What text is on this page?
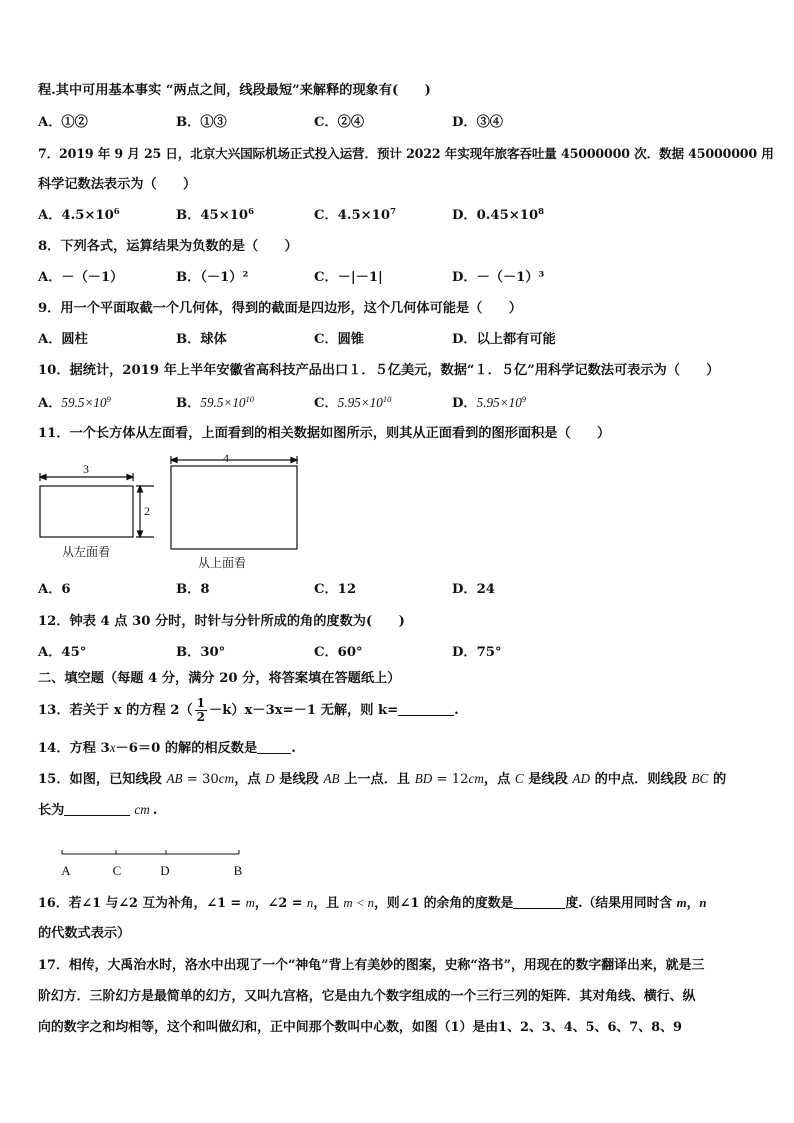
程.其中可用基本事实 “两点之间，线段最短”来解释的现象有(　　)
A．①②	B．①③	C．②④	D．③④
7．2019 年 9 月 25 日，北京大兴国际机场正式投入运营．预计 2022 年实现年旅客吞吐量 45000000 次．数据 45000000 用
科学记数法表示为（　　）
A．$4.5\times 10^6$	B．$45\times 10^6$	C．$4.5\times 10^7$	D．$0.45\times 10^8$
8．下列各式，运算结果为负数的是（　　）
A．－（－1）	B．（－1）²	C．－|－1|	D．－（－1）³
9．用一个平面取截一个几何体，得到的截面是四边形，这个几何体可能是（　　）
A．圆柱	B．球体	C．圆锥	D．以上都有可能
10．据统计，2019 年上半年安徽省高科技产品出口１．５亿美元，数据“１．５亿”用科学记数法可表示为（　　）
A．$59.5\times 10^9$	B．$59.5\times 10^{10}$	C．$5.95\times 10^{10}$	D．$5.95\times 10^9$
11．一个长方体从左面看，上面看到的相关数据如图所示，则其从正面看到的图形面积是（　　）
3
2
从左面看
4
从上面看
A．6	B．8	C．12	D．24
12．钟表 4 点 30 分时，时针与分针所成的角的度数为(　　)
A．45°	B．30°	C．60°	D．75°
二、填空题（每题 4 分，满分 20 分，将答案填在答题纸上）
13．若关于 x 的方程 $2( \frac{1}{2} -k)x-3x=-1$ 无解，则 k=	.
14．方程 3x－6＝0 的解的相反数是	.
15．如图，已知线段 AB = 30cm，点 D 是线段 AB 上一点．且 BD = 12cm，点 C 是线段 AD 的中点．则线段 BC 的
长为	cm .
A	C	D	B
16．若∠1 与∠2 互为补角，∠1 = m，∠2 = n，且 m < n，则∠1 的余角的度数是	度.（结果用同时含 m，n
的代数式表示）
17．相传，大禹治水时，洛水中出现了一个“神龟”背上有美妙的图案，史称“洛书”，用现在的数字翻译出来，就是三
阶幻方．三阶幻方是最简单的幻方，又叫九宫格，它是由九个数字组成的一个三行三列的矩阵．其对角线、横行、纵
向的数字之和均相等，这个和叫做幻和，正中间那个数叫中心数，如图（1）是由1、2、3、4、5、6、7、8、9
